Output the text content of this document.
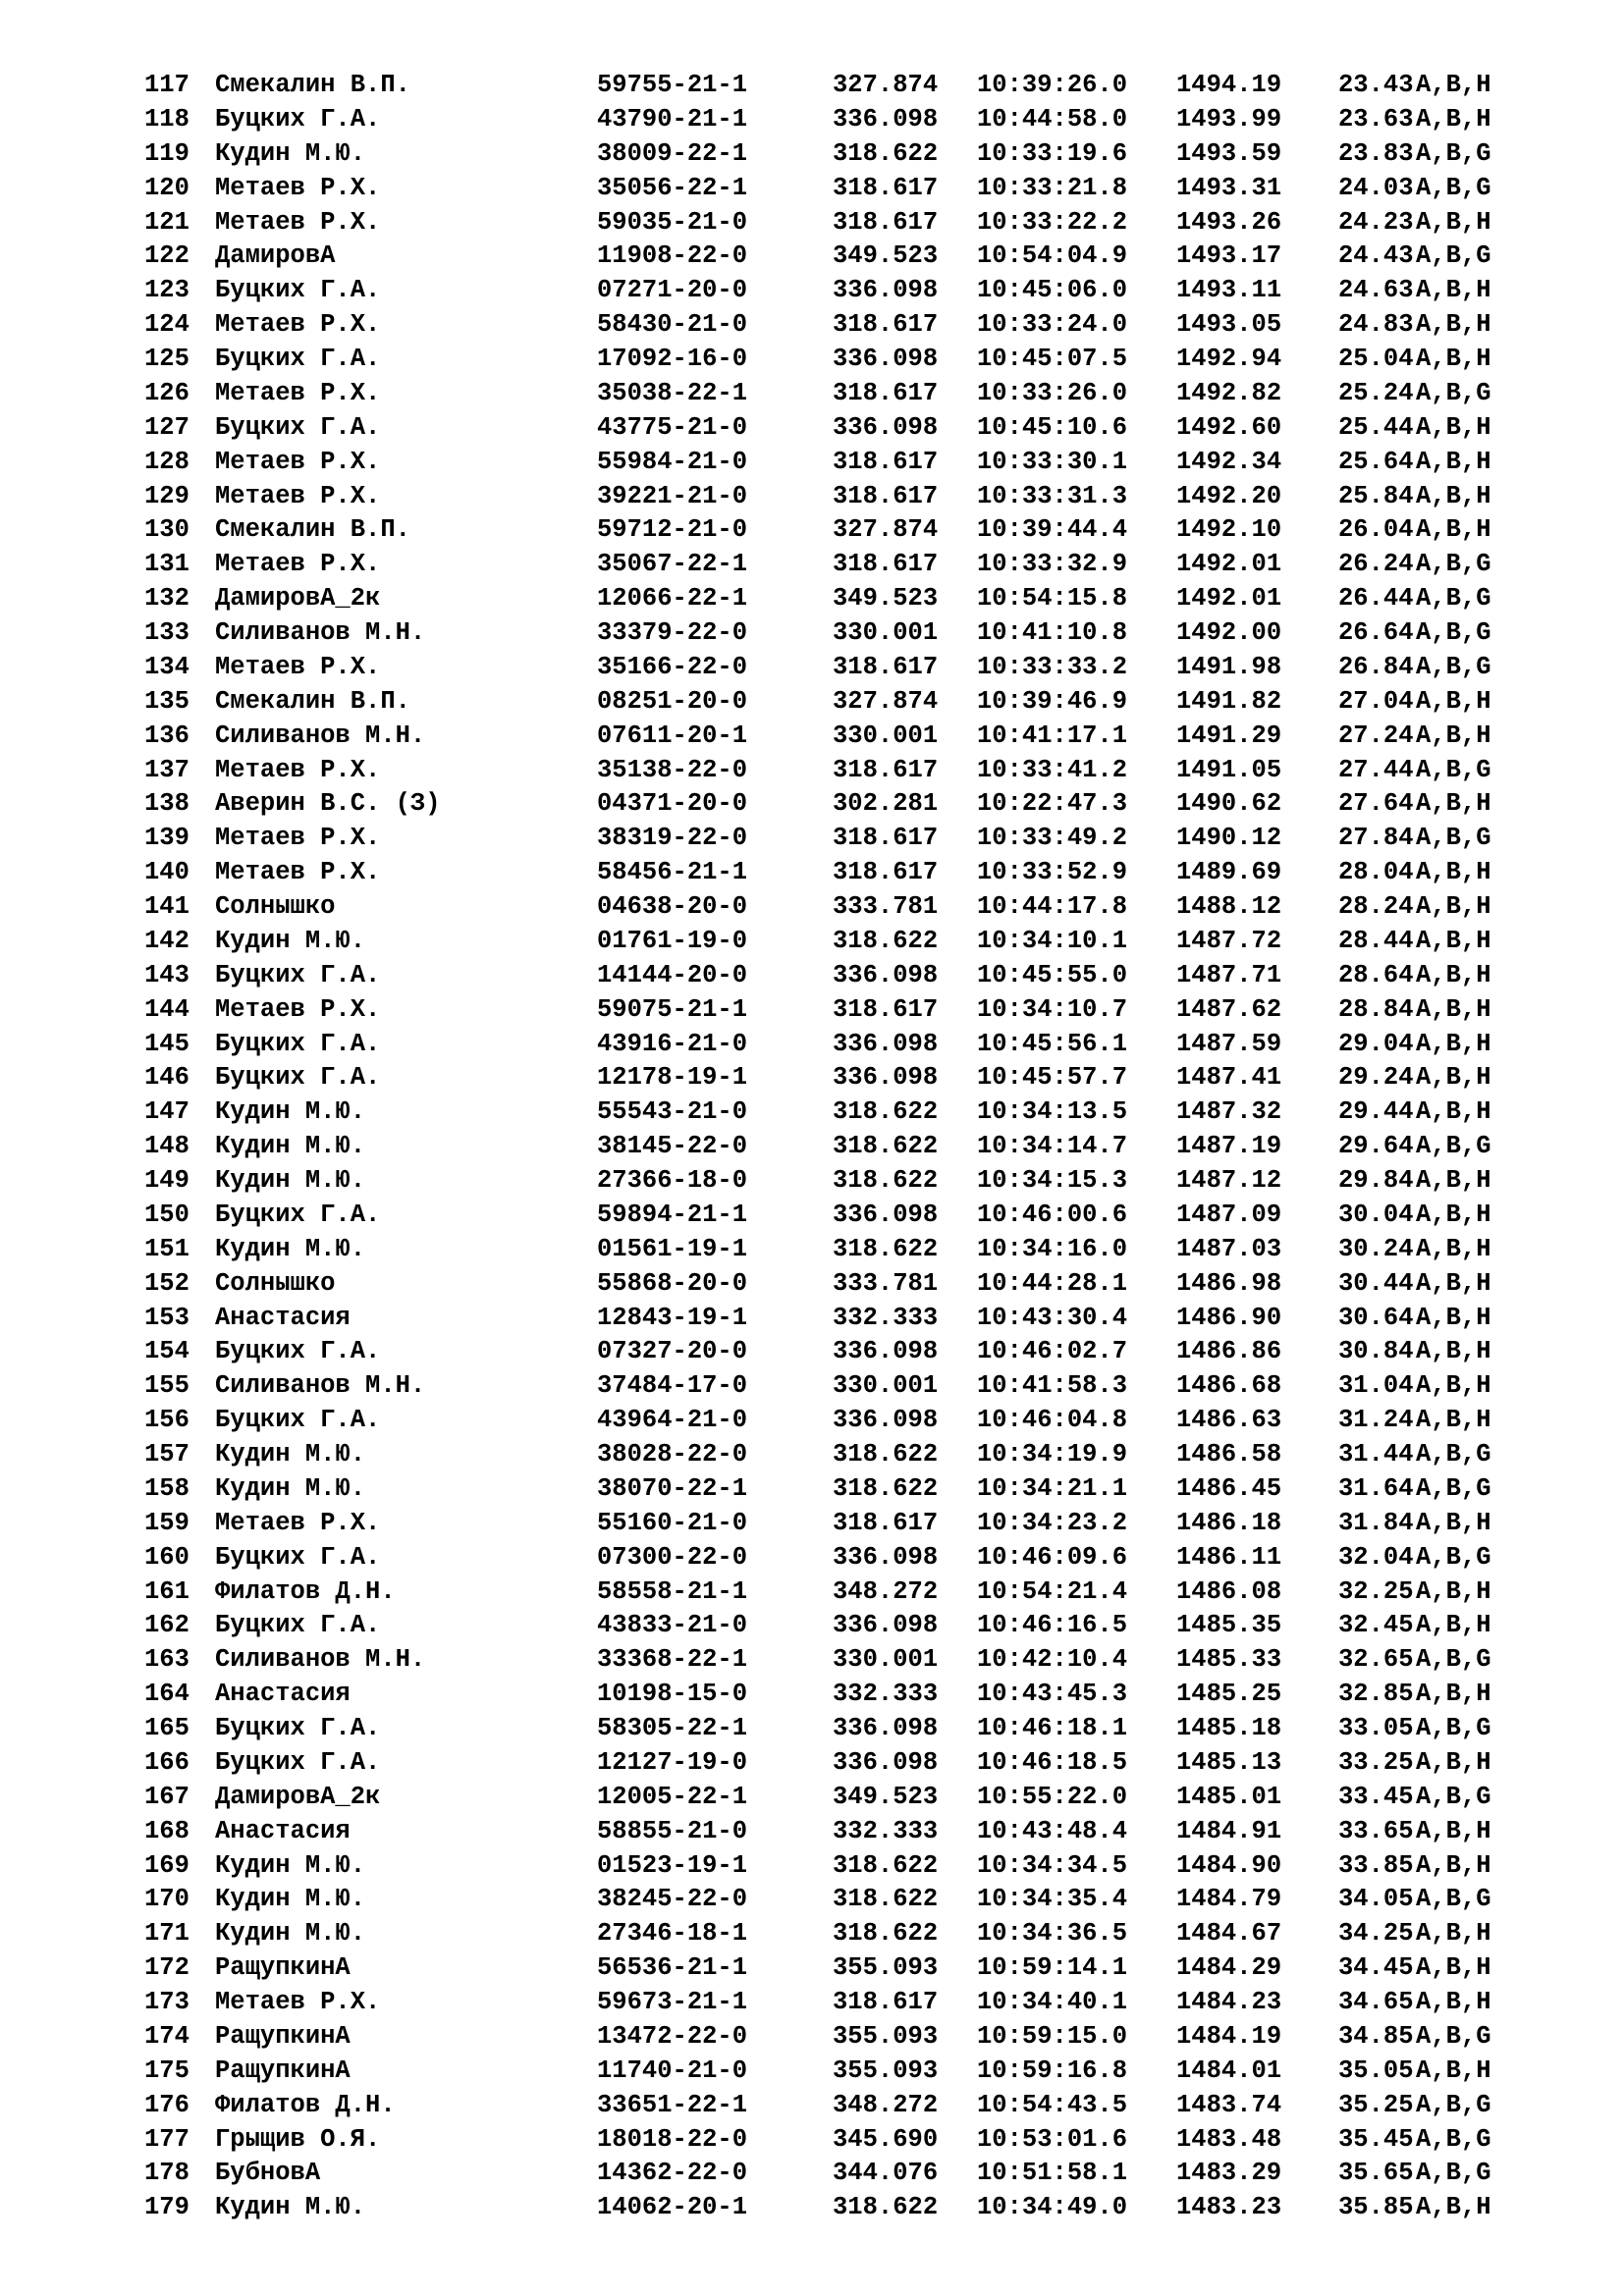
117 Смекалин В.П.	59755-21-1	327.874 10:39:26.0 1494.19 23.43 A,B,H
118 Буцких Г.А.	43790-21-1	336.098 10:44:58.0 1493.99 23.63 A,B,H
119 Кудин М.Ю.	38009-22-1	318.622 10:33:19.6 1493.59 23.83 A,B,G
120 Метаев Р.Х.	35056-22-1	318.617 10:33:21.8 1493.31 24.03 A,B,G
121 Метаев Р.Х.	59035-21-0	318.617 10:33:22.2 1493.26 24.23 A,B,H
122 ДамировА	11908-22-0	349.523 10:54:04.9 1493.17 24.43 A,B,G
123 Буцких Г.А.	07271-20-0	336.098 10:45:06.0 1493.11 24.63 A,B,H
124 Метаев Р.Х.	58430-21-0	318.617 10:33:24.0 1493.05 24.83 A,B,H
125 Буцких Г.А.	17092-16-0	336.098 10:45:07.5 1492.94 25.04 A,B,H
126 Метаев Р.Х.	35038-22-1	318.617 10:33:26.0 1492.82 25.24 A,B,G
127 Буцких Г.А.	43775-21-0	336.098 10:45:10.6 1492.60 25.44 A,B,H
128 Метаев Р.Х.	55984-21-0	318.617 10:33:30.1 1492.34 25.64 A,B,H
129 Метаев Р.Х.	39221-21-0	318.617 10:33:31.3 1492.20 25.84 A,B,H
130 Смекалин В.П.	59712-21-0	327.874 10:39:44.4 1492.10 26.04 A,B,H
131 Метаев Р.Х.	35067-22-1	318.617 10:33:32.9 1492.01 26.24 A,B,G
132 ДамировА_2к	12066-22-1	349.523 10:54:15.8 1492.01 26.44 A,B,G
133 Силиванов М.Н.	33379-22-0	330.001 10:41:10.8 1492.00 26.64 A,B,G
134 Метаев Р.Х.	35166-22-0	318.617 10:33:33.2 1491.98 26.84 A,B,G
135 Смекалин В.П.	08251-20-0	327.874 10:39:46.9 1491.82 27.04 A,B,H
136 Силиванов М.Н.	07611-20-1	330.001 10:41:17.1 1491.29 27.24 A,B,H
137 Метаев Р.Х.	35138-22-0	318.617 10:33:41.2 1491.05 27.44 A,B,G
138 Аверин В.С. (З)	04371-20-0	302.281 10:22:47.3 1490.62 27.64 A,B,H
139 Метаев Р.Х.	38319-22-0	318.617 10:33:49.2 1490.12 27.84 A,B,G
140 Метаев Р.Х.	58456-21-1	318.617 10:33:52.9 1489.69 28.04 A,B,H
141 Солнышко	04638-20-0	333.781 10:44:17.8 1488.12 28.24 A,B,H
142 Кудин М.Ю.	01761-19-0	318.622 10:34:10.1 1487.72 28.44 A,B,H
143 Буцких Г.А.	14144-20-0	336.098 10:45:55.0 1487.71 28.64 A,B,H
144 Метаев Р.Х.	59075-21-1	318.617 10:34:10.7 1487.62 28.84 A,B,H
145 Буцких Г.А.	43916-21-0	336.098 10:45:56.1 1487.59 29.04 A,B,H
146 Буцких Г.А.	12178-19-1	336.098 10:45:57.7 1487.41 29.24 A,B,H
147 Кудин М.Ю.	55543-21-0	318.622 10:34:13.5 1487.32 29.44 A,B,H
148 Кудин М.Ю.	38145-22-0	318.622 10:34:14.7 1487.19 29.64 A,B,G
149 Кудин М.Ю.	27366-18-0	318.622 10:34:15.3 1487.12 29.84 A,B,H
150 Буцких Г.А.	59894-21-1	336.098 10:46:00.6 1487.09 30.04 A,B,H
151 Кудин М.Ю.	01561-19-1	318.622 10:34:16.0 1487.03 30.24 A,B,H
152 Солнышко	55868-20-0	333.781 10:44:28.1 1486.98 30.44 A,B,H
153 Анастасия	12843-19-1	332.333 10:43:30.4 1486.90 30.64 A,B,H
154 Буцких Г.А.	07327-20-0	336.098 10:46:02.7 1486.86 30.84 A,B,H
155 Силиванов М.Н.	37484-17-0	330.001 10:41:58.3 1486.68 31.04 A,B,H
156 Буцких Г.А.	43964-21-0	336.098 10:46:04.8 1486.63 31.24 A,B,H
157 Кудин М.Ю.	38028-22-0	318.622 10:34:19.9 1486.58 31.44 A,B,G
158 Кудин М.Ю.	38070-22-1	318.622 10:34:21.1 1486.45 31.64 A,B,G
159 Метаев Р.Х.	55160-21-0	318.617 10:34:23.2 1486.18 31.84 A,B,H
160 Буцких Г.А.	07300-22-0	336.098 10:46:09.6 1486.11 32.04 A,B,G
161 Филатов Д.Н.	58558-21-1	348.272 10:54:21.4 1486.08 32.25 A,B,H
162 Буцких Г.А.	43833-21-0	336.098 10:46:16.5 1485.35 32.45 A,B,H
163 Силиванов М.Н.	33368-22-1	330.001 10:42:10.4 1485.33 32.65 A,B,G
164 Анастасия	10198-15-0	332.333 10:43:45.3 1485.25 32.85 A,B,H
165 Буцких Г.А.	58305-22-1	336.098 10:46:18.1 1485.18 33.05 A,B,G
166 Буцких Г.А.	12127-19-0	336.098 10:46:18.5 1485.13 33.25 A,B,H
167 ДамировА_2к	12005-22-1	349.523 10:55:22.0 1485.01 33.45 A,B,G
168 Анастасия	58855-21-0	332.333 10:43:48.4 1484.91 33.65 A,B,H
169 Кудин М.Ю.	01523-19-1	318.622 10:34:34.5 1484.90 33.85 A,B,H
170 Кудин М.Ю.	38245-22-0	318.622 10:34:35.4 1484.79 34.05 A,B,G
171 Кудин М.Ю.	27346-18-1	318.622 10:34:36.5 1484.67 34.25 A,B,H
172 РащупкинА	56536-21-1	355.093 10:59:14.1 1484.29 34.45 A,B,H
173 Метаев Р.Х.	59673-21-1	318.617 10:34:40.1 1484.23 34.65 A,B,H
174 РащупкинА	13472-22-0	355.093 10:59:15.0 1484.19 34.85 A,B,G
175 РащупкинА	11740-21-0	355.093 10:59:16.8 1484.01 35.05 A,B,H
176 Филатов Д.Н.	33651-22-1	348.272 10:54:43.5 1483.74 35.25 A,B,G
177 Грыщив О.Я.	18018-22-0	345.690 10:53:01.6 1483.48 35.45 A,B,G
178 БубновА	14362-22-0	344.076 10:51:58.1 1483.29 35.65 A,B,G
179 Кудин М.Ю.	14062-20-1	318.622 10:34:49.0 1483.23 35.85 A,B,H
